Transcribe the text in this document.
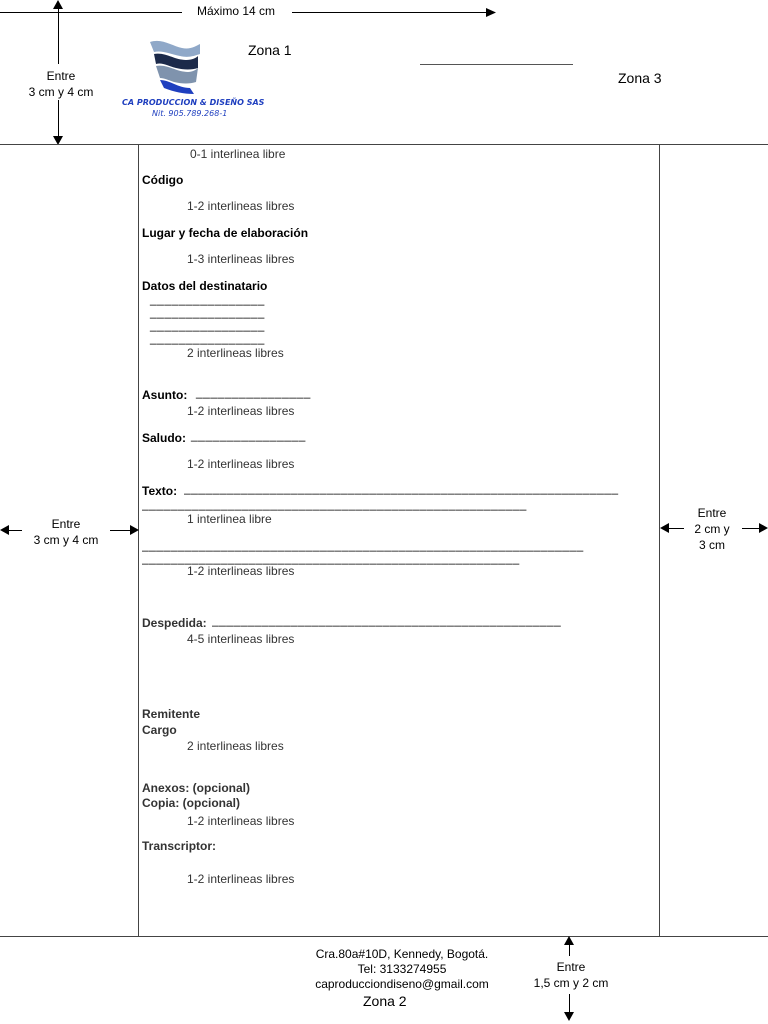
Máximo 14 cm
Entre
3 cm y 4 cm
CA PRODUCCION & DISEÑO SAS
Nit. 905.789.268-1
Zona 1
Zona 3
0-1 interlinea libre
Código
1-2 interlineas libres
Lugar y fecha de elaboración
1-3 interlineas libres
Datos del destinatario
________________
________________
________________
________________
2 interlineas libres
Asunto: ________________
1-2 interlineas libres
Saludo: ________________
1-2 interlineas libres
Texto: _____________________________________________________________
______________________________________________________
1 interlinea libre
______________________________________________________________
_____________________________________________________
1-2 interlineas libres
Despedida: _________________________________________________
4-5 interlineas libres
Remitente
Cargo
2 interlineas libres
Anexos: (opcional)
Copia: (opcional)
1-2 interlineas libres
Transcriptor:
1-2 interlineas libres
Entre
3 cm y 4 cm
Entre
2 cm y
3 cm
Cra.80a#10D, Kennedy, Bogotá.
Tel: 3133274955
caproducciondiseno@gmail.com
Zona 2
Entre
1,5 cm y 2 cm
